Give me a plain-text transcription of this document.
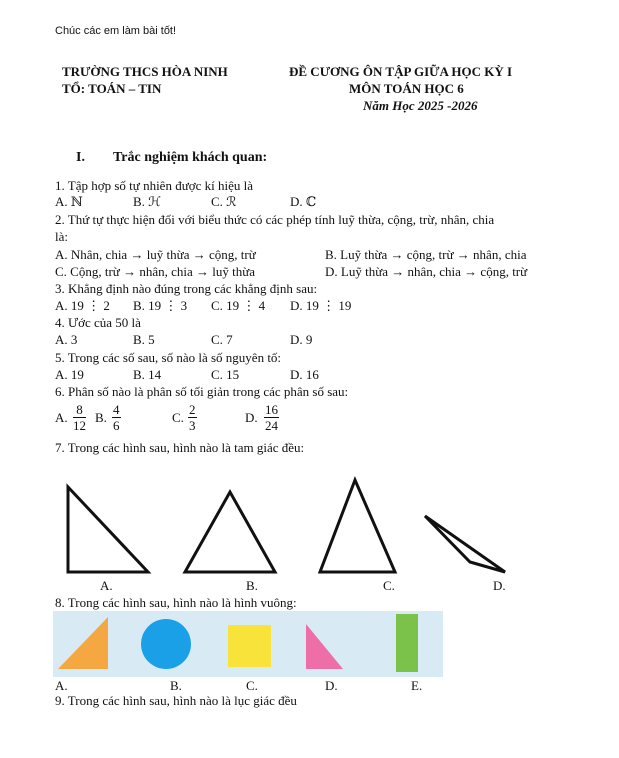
Chúc các em làm bài tốt!
TRƯỜNG THCS HÒA NINH
TỔ: TOÁN – TIN
ĐỀ CƯƠNG ÔN TẬP GIỮA HỌC KỲ I
MÔN TOÁN HỌC 6
Năm Học 2025 -2026
I. Trắc nghiệm khách quan:
1. Tập hợp số tự nhiên được kí hiệu là
A. ℕ	B. ℋ	C. ℛ	D. ℂ
2. Thứ tự thực hiện đối với biểu thức có các phép tính luỹ thừa, cộng, trừ, nhân, chia
là:
A. Nhân, chia → luỹ thừa → cộng, trừ	B. Luỹ thừa → cộng, trừ → nhân, chia
C. Cộng, trừ → nhân, chia → luỹ thừa	D. Luỹ thừa → nhân, chia → cộng, trừ
3. Khẳng định nào đúng trong các khẳng định sau:
A. 19 ⋮ 2 B. 19 ⋮ 3 C. 19 ⋮ 4 D. 19 ⋮ 19
4. Ước của 50 là
A. 3	B. 5	C. 7	D. 9
5. Trong các số sau, số nào là số nguyên tố:
A. 19	B. 14	C. 15	D. 16
6. Phân số nào là phân số tối giản trong các phân số sau:
A. $\frac{8}{12} B$. $\frac{4}{6}$	C. $\frac{2}{3}$	D. $\frac{16}{24}$
7. Trong các hình sau, hình nào là tam giác đều:
A.	B.	C.	D.
8. Trong các hình sau, hình nào là hình vuông:
A.	B.	C.	D.	E.
9. Trong các hình sau, hình nào là lục giác đều
